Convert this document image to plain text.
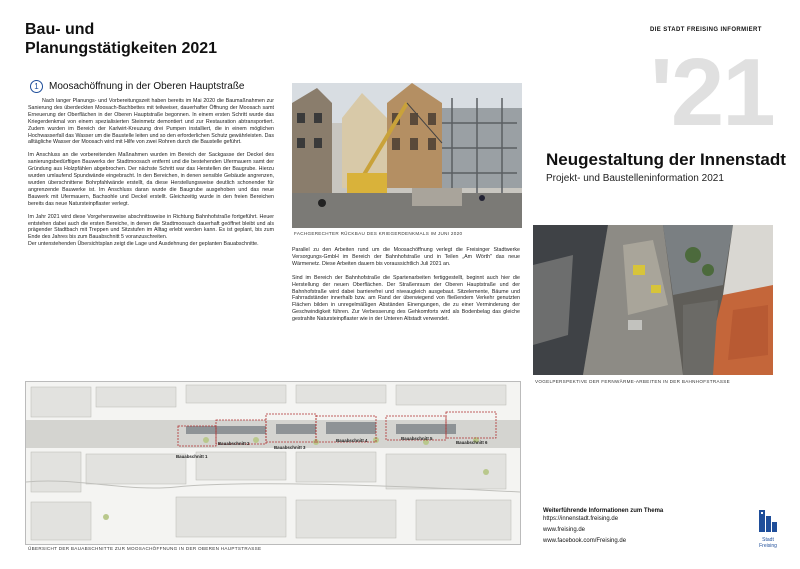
Bau- und
Planungstätigkeiten 2021
1 Moosachöffnung in der Oberen Hauptstraße

Nach langer Planungs- und Vorbereitungszeit haben bereits im Mai 2020 die Baumaßnahmen zur Sanierung des überdeckten Moosach-Bachbettes mit teilweiser, dauerhafter Öffnung der Moosach samt Erneuerung der Oberflächen in der Oberen Hauptstraße begonnen. In einem ersten Schritt wurde das Kriegerdenkmal von einem spezialisierten Steinmetz demontiert und zur Restauration abtransportiert. Zudem wurden im Bereich der Karlwirt-Kreuzung drei Pumpen installiert, die in einem möglichen Hochwasserfall das Wasser um die Baustelle leiten und so den erforderlichen Schutz gewährleisten. Das alltägliche Wasser der Moosach wird mit Hilfe von zwei Rohren durch die Baustelle geführt.

Im Anschluss an die vorbereitenden Maßnahmen wurden im Bereich der Sackgasse der Deckel des sanierungsbedürftigen Bauwerks der Stadtmoosach entfernt und die bestehenden Ufermauern samt der Gründung aus Holzpfählen abgebrochen. Der nächste Schritt war das Herstellen der Baugrube. Hierzu wurden umlaufend Spundwände eingebracht. In den Bereichen, in denen sensible Gebäude angrenzen, wurden überschnittene Bohrpfahlwände erstellt, da diese Herstellungsweise deutlich schonender für angrenzende Bauwerke ist. Im Anschluss daran wurde die Baugrube ausgehoben und das neue Bauwerk mit Ufermauern, Bachsohle und Deckel erstellt. Gleichzeitig wurde in den freien Bereichen bereits das neue Natursteinpflaster verlegt.

Im Jahr 2021 wird diese Vorgehensweise abschnittsweise in Richtung Bahnhofstraße fortgeführt. Heuer entstehen dabei auch die ersten Bereiche, in denen die Stadtmoosach dauerhaft geöffnet bleibt und als prägender Stadtbach mit Treppen und Sitzstufen im Alltag erlebt werden kann. Es ist geplant, bis zum Ende des Jahres bis zum Bauabschnitt 5 voranzuschreiten.

Der untenstehenden Übersichtsplan zeigt die Lage und Ausdehnung der geplanten Bauabschnitte.

FACHGERECHTER RÜCKBAU DES KRIEGERDENKMALS IM JUNI 2020

Parallel zu den Arbeiten rund um die Moosachöffnung verlegt die Freisinger Stadtwerke Versorgungs-GmbH im Bereich der Bahnhofstraße und in Teilen „Am Wörth" das neue Wärmenetz. Diese Arbeiten dauern bis voraussichtlich Juli 2021 an.

Sind im Bereich der Bahnhofstraße die Spartenarbeiten fertiggestellt, beginnt auch hier die Herstellung der neuen Oberflächen. Der Straßenraum der Oberen Hauptstraße und der Bahnhofstraße wird dabei barrierefrei und niveaugleich ausgebaut. Sitzelemente, Bäume und Fahrradständer innerhalb bzw. am Rand der überwiegend von fließendem Verkehr genutzten Flächen bilden in unregelmäßigen Abständen Einengungen, die zu einer Verminderung der Geschwindigkeit führen. Zur Verbesserung des Gehkomforts wird als Bodenbelag das gleiche gestrahlte Natursteinpflaster wie in der Unteren Altstadt verwendet.

DIE STADT FREISING INFORMIERT
'21
Neugestaltung der Innenstadt
Projekt- und Baustelleninformation 2021
VOGELPERSPEKTIVE DER FERNWÄRME-ARBEITEN IN DER BAHNHOFSTRASSE
Bauabschnitt 1
Bauabschnitt 2
Bauabschnitt 3
Bauabschnitt 4	Bauabschnitt 5
Bauabschnitt 6
ÜBERSICHT DER BAUABSCHNITTE ZUR MOOSACHÖFFNUNG IN DER OBEREN HAUPTSTRASSE
Weiterführende Informationen zum Thema
https://innenstadt.freising.de
www.freising.de
www.facebook.com/Freising.de	Stadt
Freising
